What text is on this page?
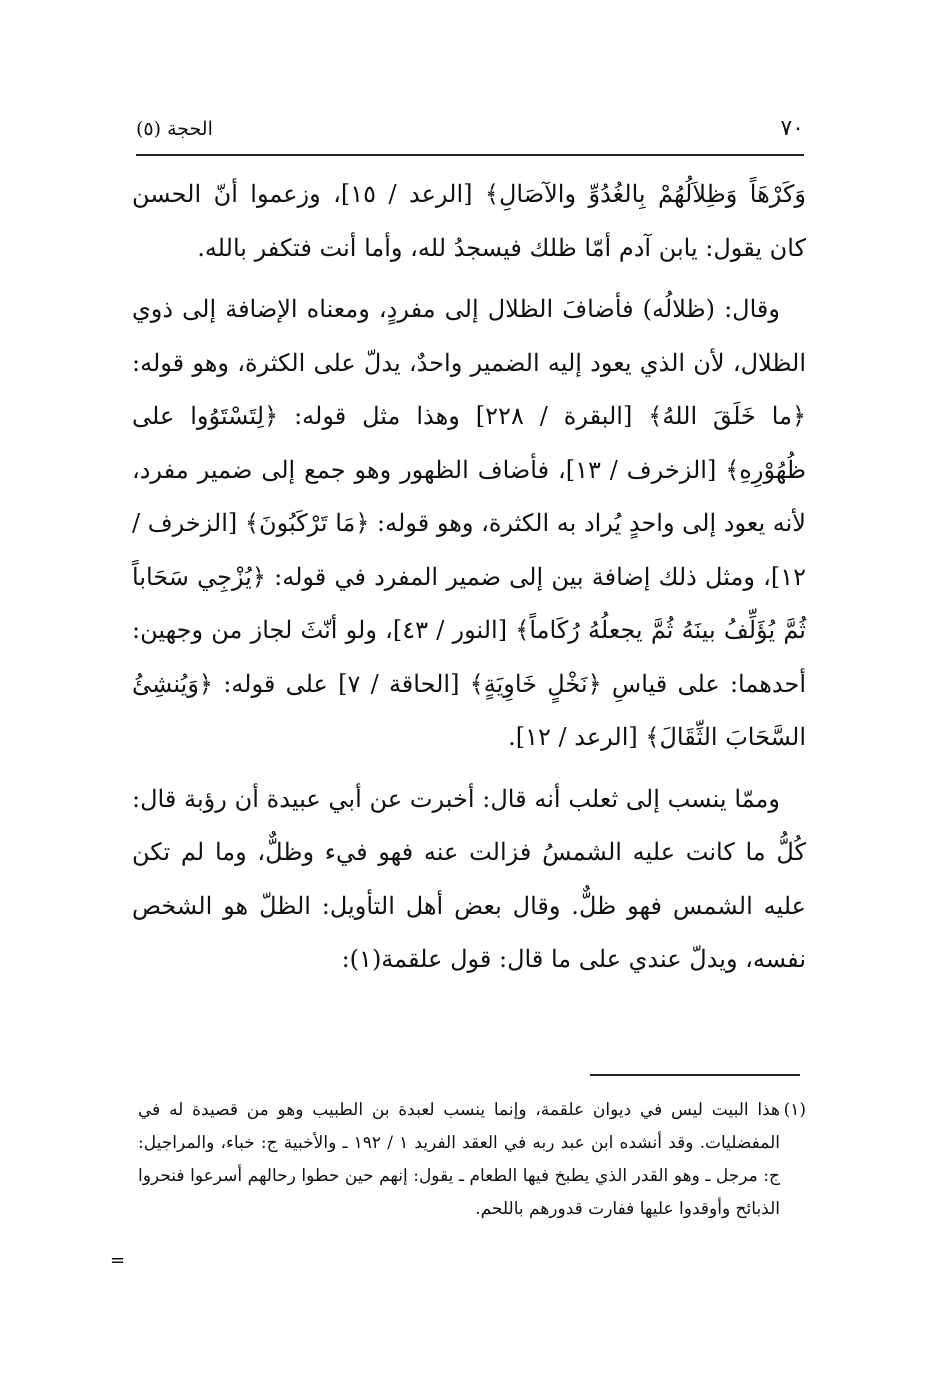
٧٠
الحجة (٥)

وَكَرْهَاً وَظِلاَلُهُمْ بِالغُدُوِّ والآصَالِ﴾ [الرعد / ١٥]، وزعموا أنّ الحسن كان يقول: يابن آدم أمّا ظلك فيسجدُ لله، وأما أنت فتكفر بالله.

وقال: (ظلالُه) فأضافَ الظلال إلى مفردٍ، ومعناه الإضافة إلى ذوي الظلال، لأن الذي يعود إليه الضمير واحدٌ، يدلّ على الكثرة، وهو قوله: ﴿ما خَلَقَ اللهُ﴾ [البقرة / ٢٢٨] وهذا مثل قوله: ﴿لِتَسْتَوُوا على ظُهُوْرِهِ﴾ [الزخرف / ١٣]، فأضاف الظهور وهو جمع إلى ضمير مفرد، لأنه يعود إلى واحدٍ يُراد به الكثرة، وهو قوله: ﴿مَا تَرْكَبُونَ﴾ [الزخرف / ١٢]، ومثل ذلك إضافة بين إلى ضمير المفرد في قوله: ﴿يُزْجِي سَحَاباً ثُمَّ يُؤَلِّفُ بينَهُ ثُمَّ يجعلُهُ رُكَاماً﴾ [النور / ٤٣]، ولو أنّثَ لجاز من وجهين: أحدهما: على قياسِ ﴿نَخْلٍ خَاوِيَةٍ﴾ [الحاقة / ٧] على قوله: ﴿وَيُنشِئُ السَّحَابَ الثِّقَالَ﴾ [الرعد / ١٢].

وممّا ينسب إلى ثعلب أنه قال: أخبرت عن أبي عبيدة أن رؤبة قال: كُلُّ ما كانت عليه الشمسُ فزالت عنه فهو فيء وظلٌّ، وما لم تكن عليه الشمس فهو ظلٌّ. وقال بعض أهل التأويل: الظلّ هو الشخص نفسه، ويدلّ عندي على ما قال: قول علقمة(١):

(١)
هذا البيت ليس في ديوان علقمة، وإنما ينسب لعبدة بن الطبيب وهو من قصيدة له في المفضليات. وقد أنشده ابن عبد ربه في العقد الفريد ١ / ١٩٢ ـ والأخبية ج: خباء، والمراجيل: ج: مرجل ـ وهو القدر الذي يطبخ فيها الطعام ـ يقول: إنهم حين حطوا رحالهم أسرعوا فنحروا الذبائح وأوقدوا عليها ففارت قدورهم باللحم.
=
